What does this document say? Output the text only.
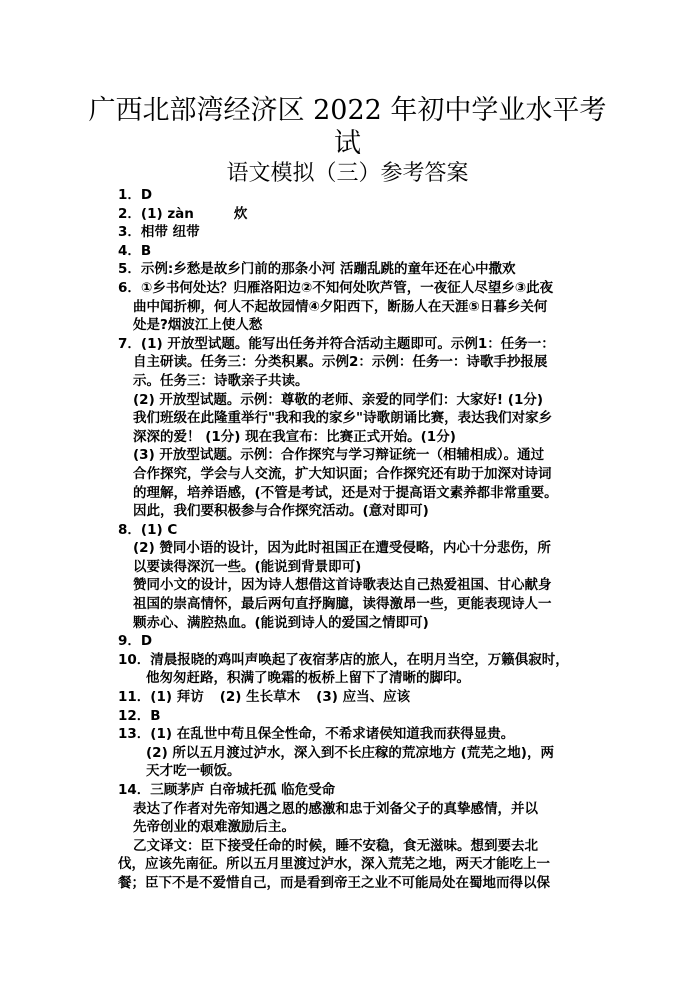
广西北部湾经济区 2022 年初中学业水平考
试
语文模拟（三）参考答案
1．D
2．(1) zàn	炊
3．相带 纽带
4．B
5．示例:乡愁是故乡门前的那条小河 活蹦乱跳的童年还在心中撒欢
6．①乡书何处达？归雁洛阳边②不知何处吹芦管，一夜征人尽望乡③此夜
曲中闻折柳，何人不起故园情④夕阳西下，断肠人在天涯⑤日暮乡关何
处是?烟波江上使人愁
7．(1) 开放型试题。能写出任务并符合活动主题即可。示例1：任务一：
自主研读。任务三：分类积累。示例2：示例：任务一：诗歌手抄报展
示。任务三：诗歌亲子共读。
(2) 开放型试题。示例：尊敬的老师、亲爱的同学们：大家好! (1分)
我们班级在此隆重举行"我和我的家乡"诗歌朗诵比赛，表达我们对家乡
深深的爱！ (1分) 现在我宣布：比赛正式开始。(1分)
(3) 开放型试题。示例：合作探究与学习辩证统一（相辅相成）。通过
合作探究，学会与人交流，扩大知识面；合作探究还有助于加深对诗词
的理解，培养语感，(不管是考试，还是对于提高语文素养都非常重要。
因此，我们要积极参与合作探究活动。(意对即可)
8．(1) C
(2) 赞同小语的设计，因为此时祖国正在遭受侵略，内心十分悲伤，所
以要读得深沉一些。(能说到背景即可)
赞同小文的设计，因为诗人想借这首诗歌表达自己热爱祖国、甘心献身
祖国的崇高情怀，最后两句直抒胸臆，读得激昂一些，更能表现诗人一
颗赤心、满腔热血。(能说到诗人的爱国之情即可)
9．D
10．清晨报晓的鸡叫声唤起了夜宿茅店的旅人，在明月当空，万籁俱寂时，
他匆匆赶路，积满了晚霜的板桥上留下了清晰的脚印。
11．(1) 拜访 (2) 生长草木 (3) 应当、应该
12．B
13．(1) 在乱世中苟且保全性命，不希求诸侯知道我而获得显贵。
(2) 所以五月渡过泸水，深入到不长庄稼的荒凉地方 (荒芜之地)，两
天才吃一顿饭。
14．三顾茅庐 白帝城托孤 临危受命
表达了作者对先帝知遇之恩的感激和忠于刘备父子的真挚感情，并以
先帝创业的艰难激励后主。
乙文译文：臣下接受任命的时候，睡不安稳，食无滋味。想到要去北
伐，应该先南征。所以五月里渡过泸水，深入荒芜之地，两天才能吃上一
餐；臣下不是不爱惜自己，而是看到帝王之业不可能局处在蜀地而得以保
